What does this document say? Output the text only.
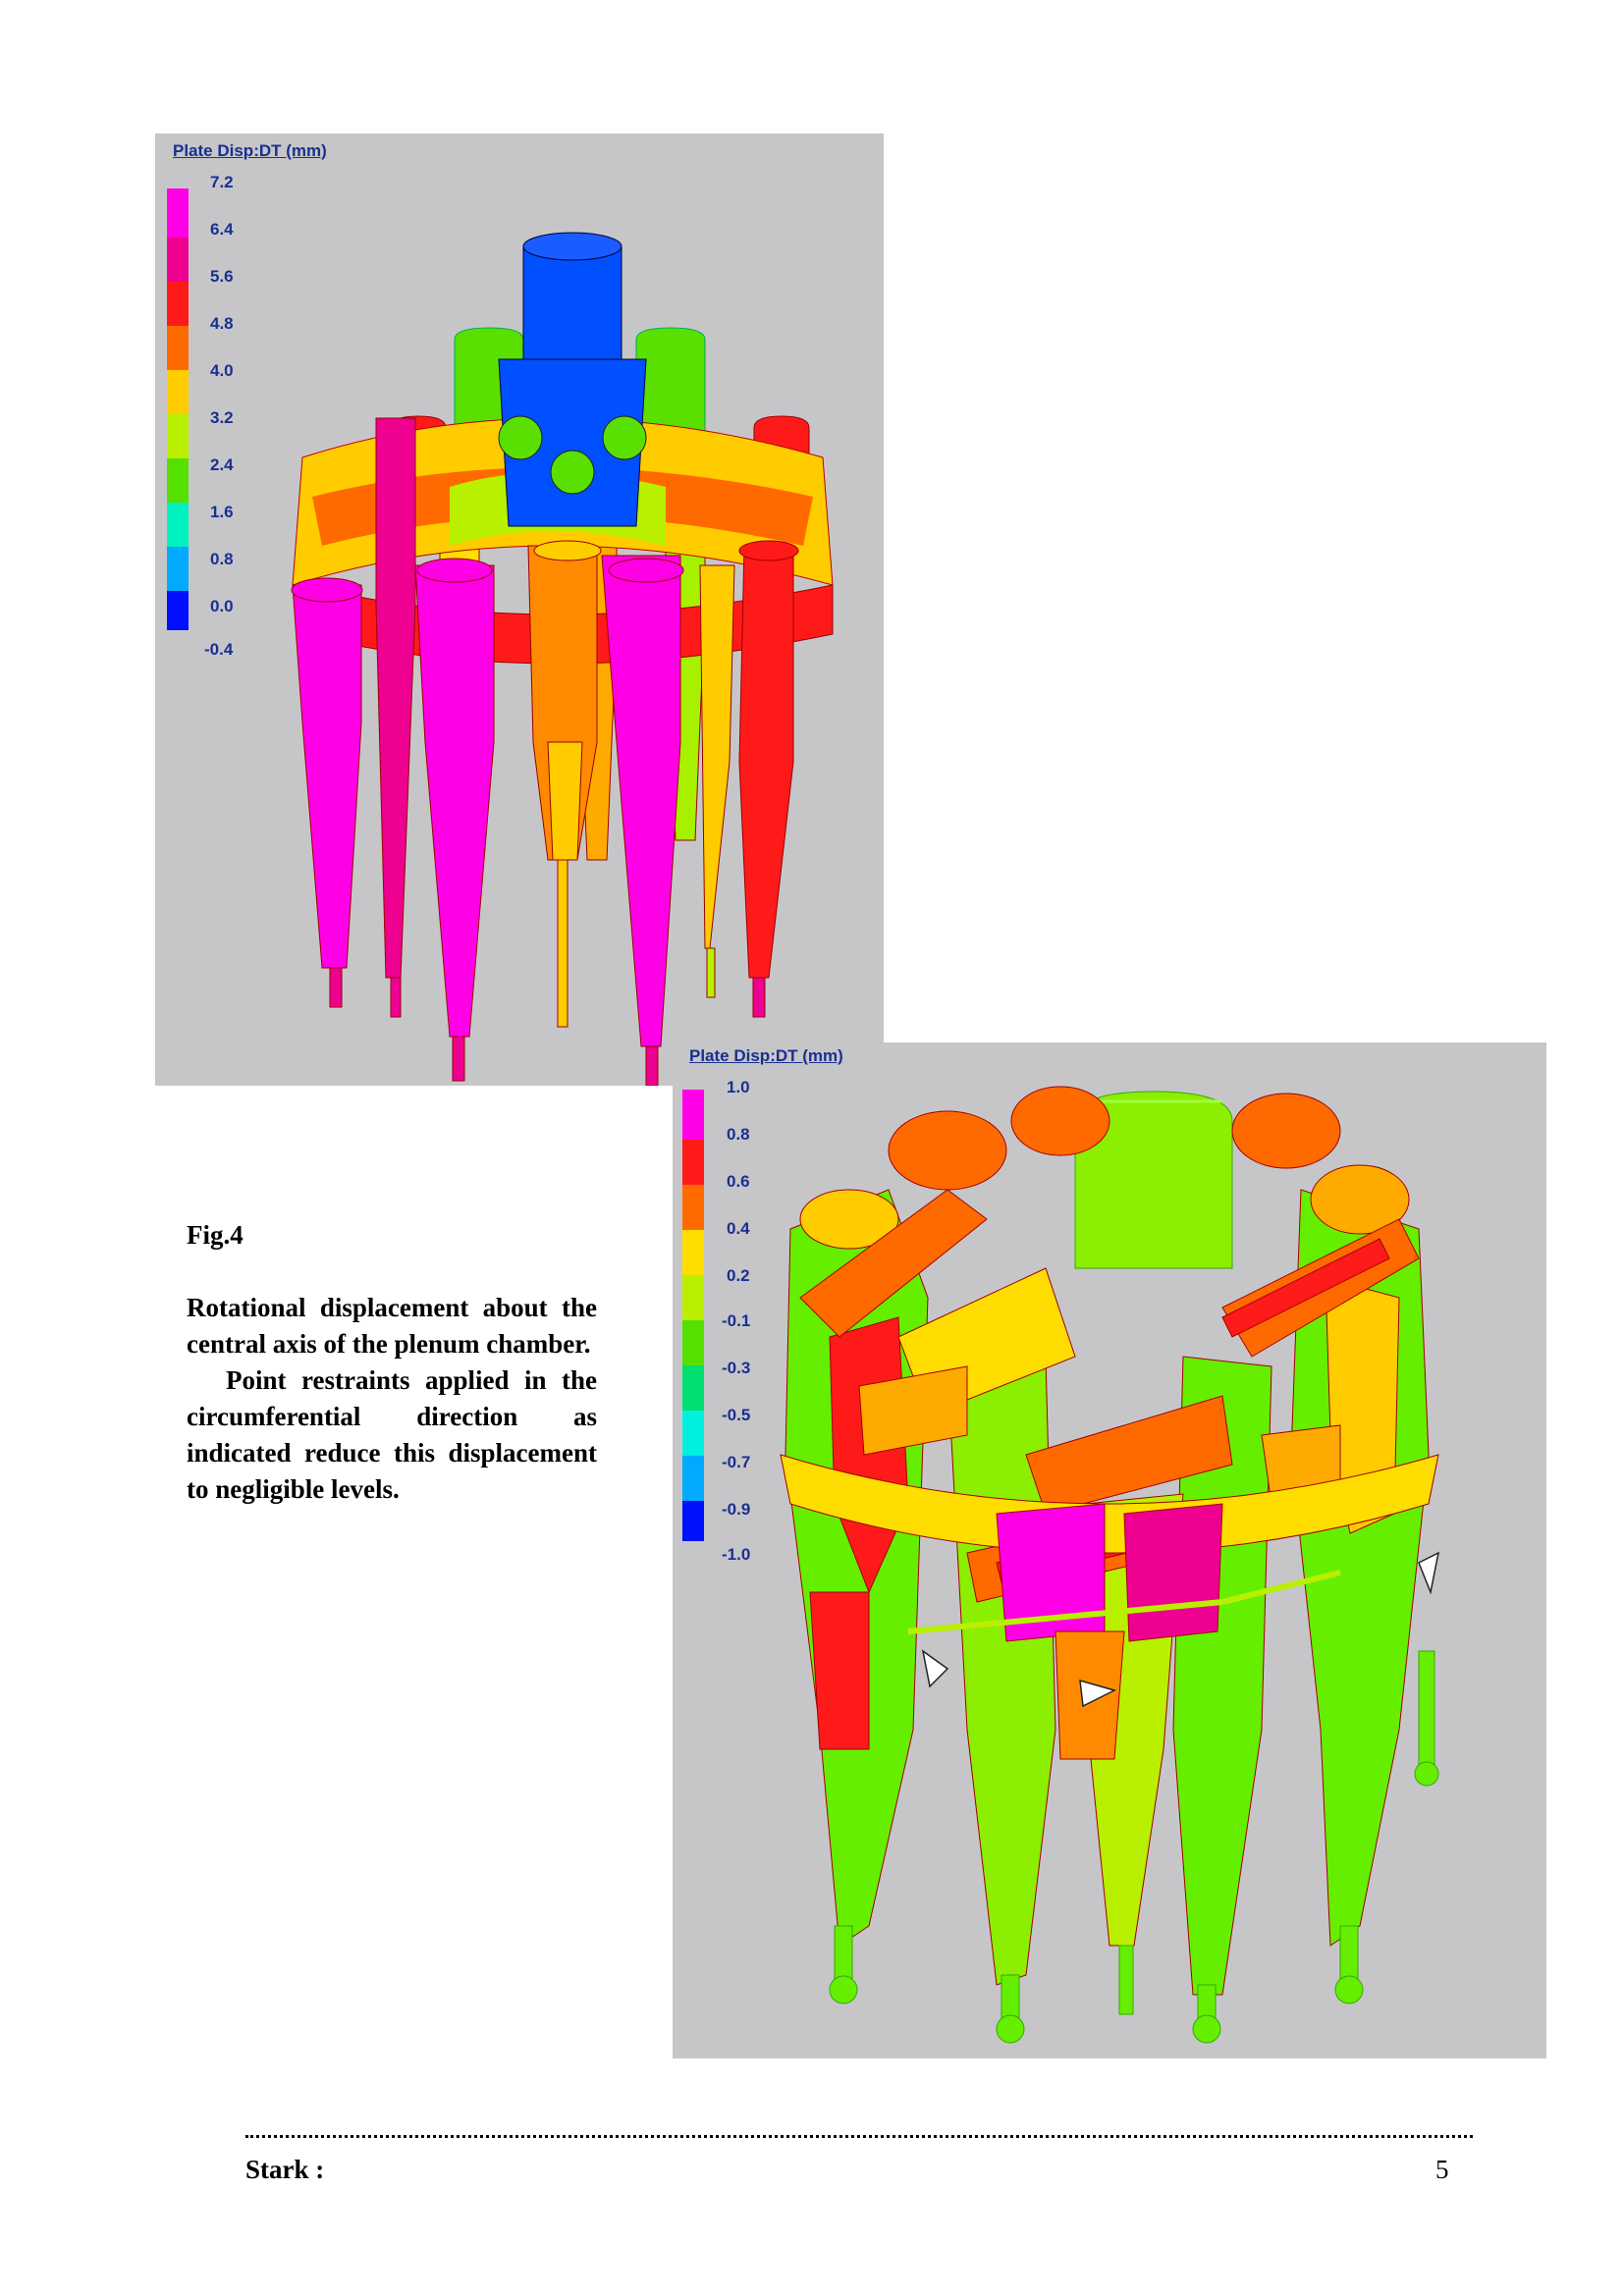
Plate Disp:DT (mm)
7.2
6.4
5.6
4.8
4.0
3.2
2.4
1.6
0.8
0.0
-0.4
Plate Disp:DT (mm)
1.0
0.8
0.6
0.4
0.2
-0.1
-0.3
-0.5
-0.7
-0.9
-1.0

Fig.4

Rotational displacement about the central axis of the plenum chamber.

Point restraints applied in the circumferential direction as indicated reduce this displacement to negligible levels.

Stark :	5
